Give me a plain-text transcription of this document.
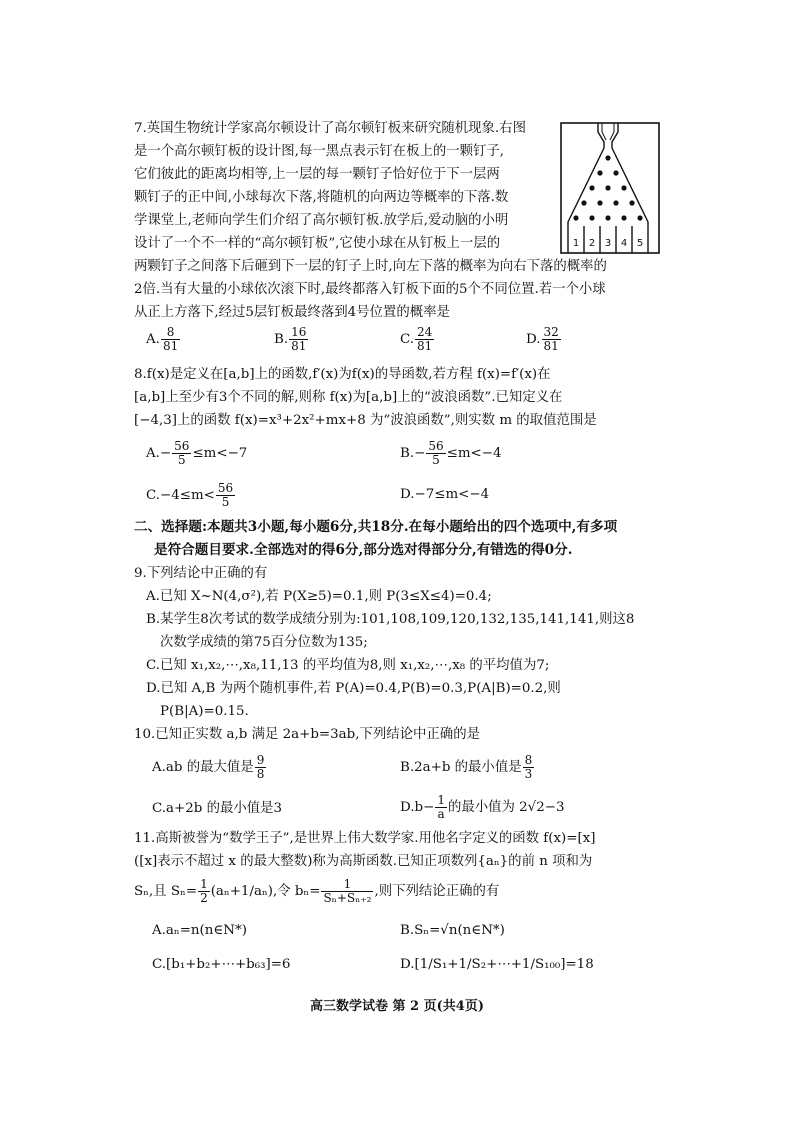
7.英国生物统计学家高尔顿设计了高尔顿钉板来研究随机现象.右图
是一个高尔顿钉板的设计图,每一黑点表示钉在板上的一颗钉子,
它们彼此的距离均相等,上一层的每一颗钉子恰好位于下一层两
颗钉子的正中间,小球每次下落,将随机的向两边等概率的下落.数
学课堂上,老师向学生们介绍了高尔顿钉板.放学后,爱动脑的小明
设计了一个不一样的“高尔顿钉板”,它使小球在从钉板上一层的
两颗钉子之间落下后砸到下一层的钉子上时,向左下落的概率为向右下落的概率的
2倍.当有大量的小球依次滚下时,最终都落入钉板下面的5个不同位置.若一个小球
从正上方落下,经过5层钉板最终落到4号位置的概率是
1 2 3 4 5
A. $\frac{8}{81}$	B. $\frac{16}{81}$	C. $\frac{24}{81}$	D. $\frac{32}{81}$
8.f(x)是定义在[a,b]上的函数,f′(x)为f(x)的导函数,若方程 f(x)=f′(x)在
[a,b]上至少有3个不同的解,则称 f(x)为[a,b]上的“波浪函数”.已知定义在
[−4,3]上的函数 f(x)=x³+2x²+mx+8 为“波浪函数”,则实数 m 的取值范围是
$A.- \frac{56}{5} \le m<-7$	$B.- \frac{56}{5} \le m<-4$
$C.-4\le m< \frac{56}{5}$	D.−7≤m<−4
二、选择题:本题共3小题,每小题6分,共18分.在每小题给出的四个选项中,有多项
是符合题目要求.全部选对的得6分,部分选对得部分分,有错选的得0分.
9.下列结论中正确的有
A.已知 X~N(4,σ²),若 P(X≥5)=0.1,则 P(3≤X≤4)=0.4;
B.某学生8次考试的数学成绩分别为:101,108,109,120,132,135,141,141,则这8
次数学成绩的第75百分位数为135;
C.已知 x₁,x₂,⋯,x₈,11,13 的平均值为8,则 x₁,x₂,⋯,x₈ 的平均值为7;
D.已知 A,B 为两个随机事件,若 P(A)=0.4,P(B)=0.3,P(A|B)=0.2,则
P(B|A)=0.15.
10.已知正实数 a,b 满足 2a+b=3ab,下列结论中正确的是
A.ab 的最大值是 $\frac{9}{8}$	B.2a+b 的最小值是 $\frac{8}{3}$
C.a+2b 的最小值是3	$D.b- \frac{1}{a}$ 的最小值为 2√2−3
11.高斯被誉为“数学王子”,是世界上伟大数学家.用他名字定义的函数 f(x)=[x]
([x]表示不超过 x 的最大整数)称为高斯函数.已知正项数列{aₙ}的前 n 项和为
Sₙ,且 $S_n= \frac{1}{2} (a_n+1/a_n)$,令 $b_n= \frac{1}{\text{Sₙ+Sₙ₊₂}}$ ,则下列结论正确的有
A.aₙ=n(n∈N*)	B.Sₙ=√n(n∈N*)
C.[b₁+b₂+⋯+b₆₃]=6	D.[1/S₁+1/S₂+⋯+1/S₁₀₀]=18
高三数学试卷 第 2 页(共4页)
